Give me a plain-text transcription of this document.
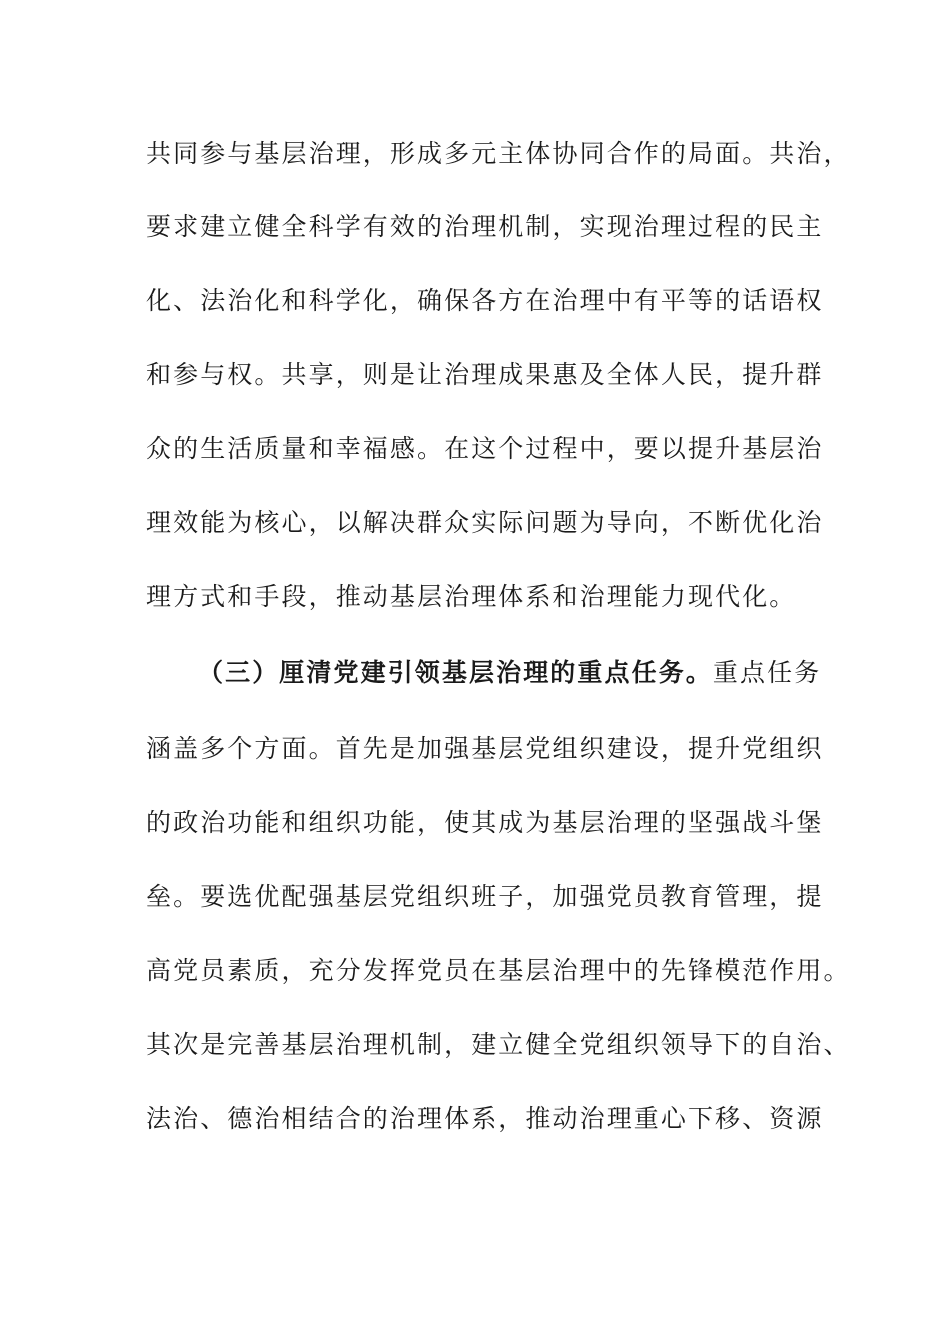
共同参与基层治理，形成多元主体协同合作的局面。共治，
要求建立健全科学有效的治理机制，实现治理过程的民主
化、法治化和科学化，确保各方在治理中有平等的话语权
和参与权。共享，则是让治理成果惠及全体人民，提升群
众的生活质量和幸福感。在这个过程中，要以提升基层治
理效能为核心，以解决群众实际问题为导向，不断优化治
理方式和手段，推动基层治理体系和治理能力现代化。
（三）厘清党建引领基层治理的重点任务。重点任务
涵盖多个方面。首先是加强基层党组织建设，提升党组织
的政治功能和组织功能，使其成为基层治理的坚强战斗堡
垒。要选优配强基层党组织班子，加强党员教育管理，提
高党员素质，充分发挥党员在基层治理中的先锋模范作用。
其次是完善基层治理机制，建立健全党组织领导下的自治、
法治、德治相结合的治理体系，推动治理重心下移、资源
